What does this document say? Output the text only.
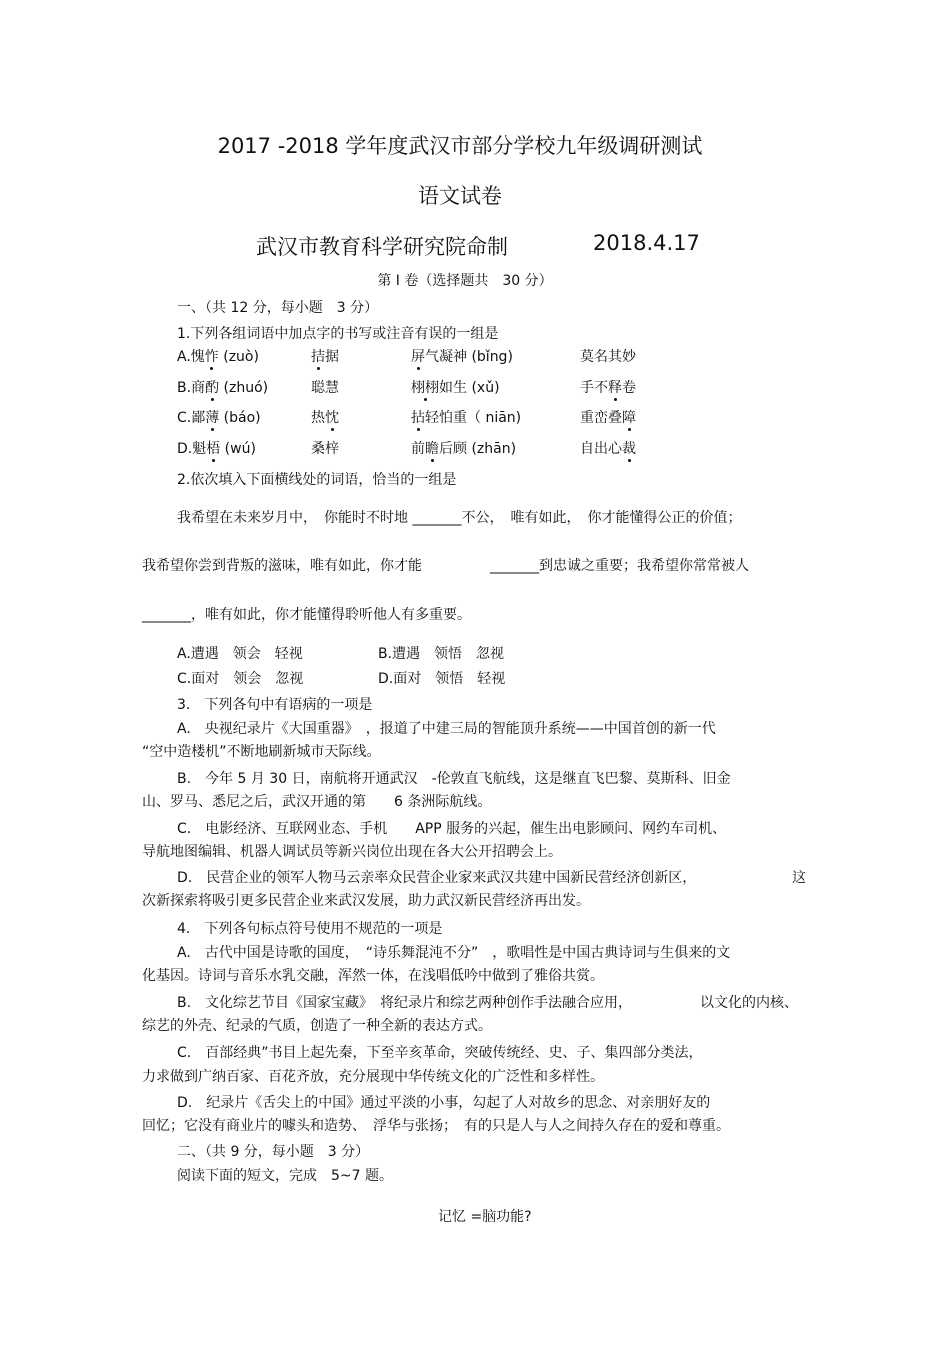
2017 -2018 学年度武汉市部分学校九年级调研测试
语文试卷
武汉市教育科学研究院命制	2018.4.17
第 I 卷（选择题共　30 分）
一、（共 12 分，每小题　3 分）
1.下列各组词语中加点字的书写或注音有误的一组是
A.愧怍 (zuò)	拮据	屏气凝神 (bǐng)	莫名其妙
B.商酌 (zhuó)	聪慧	栩栩如生 (xǔ)	手不释卷
C.鄙薄 (báo)	热忱	拈轻怕重（ niān)	重峦叠障
D.魁梧 (wú)	桑梓	前瞻后顾 (zhān)	自出心裁
2.依次填入下面横线处的词语，恰当的一组是
我希望在未来岁月中，　你能时不时地 _______不公，　唯有如此，　你才能懂得公正的价值；
我希望你尝到背叛的滋味，唯有如此，你才能	_______到忠诚之重要；我希望你常常被人
_______，唯有如此，你才能懂得聆听他人有多重要。
A.遭遇　领会　轻视	B.遭遇　领悟　忽视
C.面对　领会　忽视	D.面对　领悟　轻视
3.　下列各句中有语病的一项是
A.　央视纪录片《大国重器》　，报道了中建三局的智能顶升系统——中国首创的新一代
“空中造楼机”不断地刷新城市天际线。
B.　今年 5 月 30 日，南航将开通武汉　-伦敦直飞航线，这是继直飞巴黎、莫斯科、旧金
山、罗马、悉尼之后，武汉开通的第　　6 条洲际航线。
C.　电影经济、互联网业态、手机　　APP 服务的兴起，催生出电影顾问、网约车司机、
导航地图编辑、机器人调试员等新兴岗位出现在各大公开招聘会上。
D.　民营企业的领军人物马云亲率众民营企业家来武汉共建中国新民营经济创新区，	这
次新探索将吸引更多民营企业来武汉发展，助力武汉新民营经济再出发。
4.　下列各句标点符号使用不规范的一项是
A.　古代中国是诗歌的国度，　“诗乐舞混沌不分”　，歌唱性是中国古典诗词与生俱来的文
化基因。诗词与音乐水乳交融，浑然一体，在浅唱低吟中做到了雅俗共赏。
B.　文化综艺节目《国家宝藏》　将纪录片和综艺两种创作手法融合应用，	以文化的内核、
综艺的外壳、纪录的气质，创造了一种全新的表达方式。
C.　百部经典”书目上起先秦，下至辛亥革命，突破传统经、史、子、集四部分类法，
力求做到广纳百家、百花齐放，充分展现中华传统文化的广泛性和多样性。
D.　纪录片《舌尖上的中国》通过平淡的小事，勾起了人对故乡的思念、对亲朋好友的
回忆；它没有商业片的噱头和造势、　浮华与张扬；　有的只是人与人之间持久存在的爱和尊重。
二、（共 9 分，每小题　3 分）
阅读下面的短文，完成　5~7 题。
记忆 =脑功能?
